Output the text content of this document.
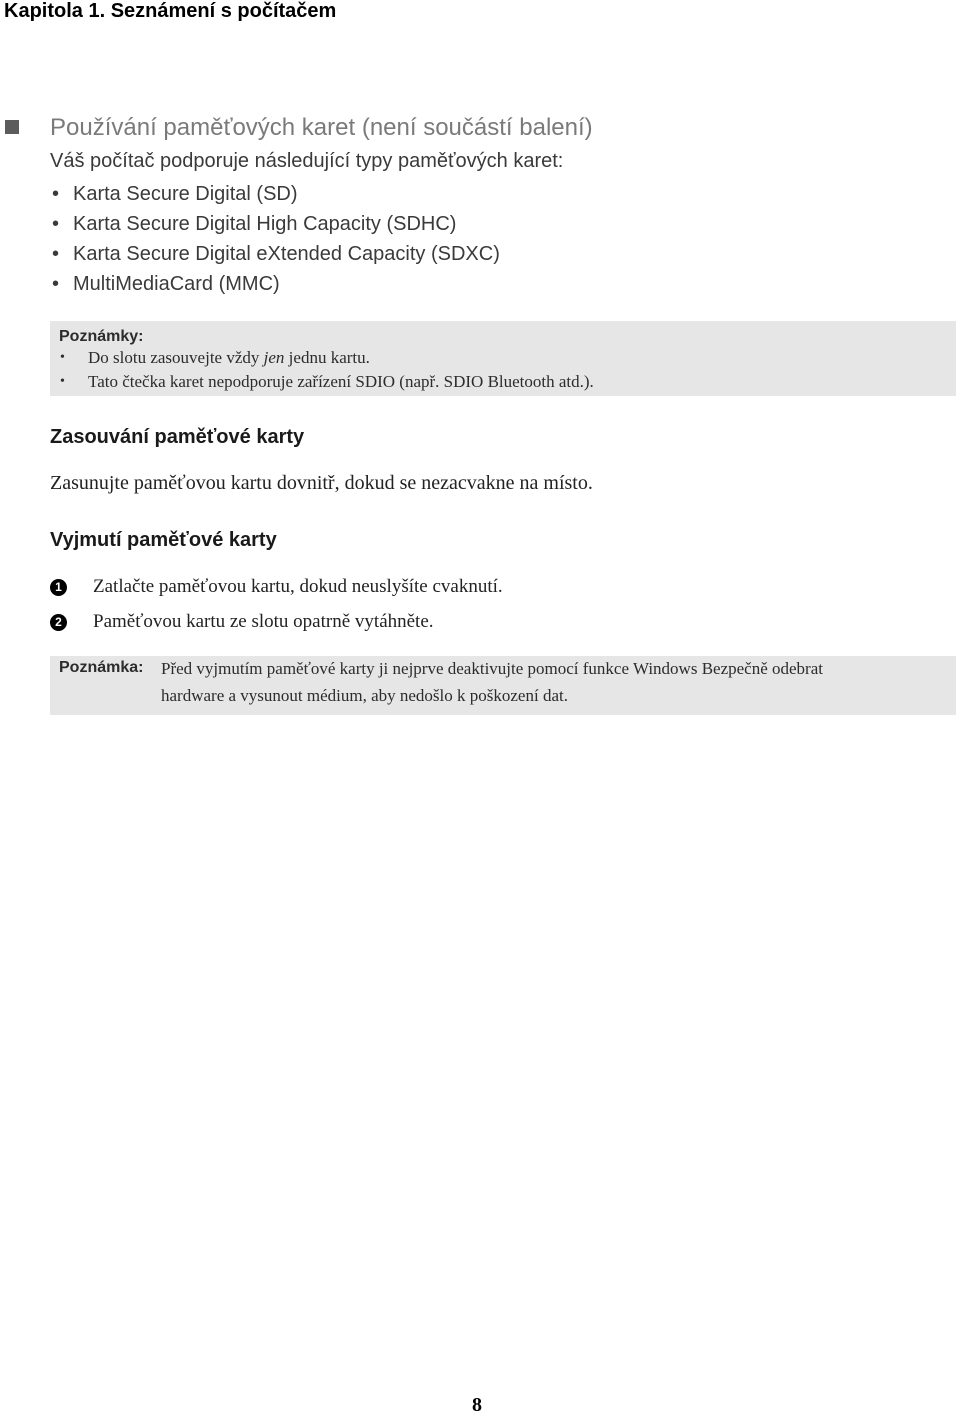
Kapitola 1. Seznámení s počítačem
Používání paměťových karet (není součástí balení)
Váš počítač podporuje následující typy paměťových karet:
• Karta Secure Digital (SD)
• Karta Secure Digital High Capacity (SDHC)
• Karta Secure Digital eXtended Capacity (SDXC)
• MultiMediaCard (MMC)
Poznámky:
• Do slotu zasouvejte vždy jen jednu kartu.
• Tato čtečka karet nepodporuje zařízení SDIO (např. SDIO Bluetooth atd.).
Zasouvání paměťové karty
Zasunujte paměťovou kartu dovnitř, dokud se nezacvakne na místo.
Vyjmutí paměťové karty
1 Zatlačte paměťovou kartu, dokud neuslyšíte cvaknutí.
2 Paměťovou kartu ze slotu opatrně vytáhněte.
Poznámka: Před vyjmutím paměťové karty ji nejprve deaktivujte pomocí funkce Windows Bezpečně odebrat
hardware a vysunout médium, aby nedošlo k poškození dat.
8
